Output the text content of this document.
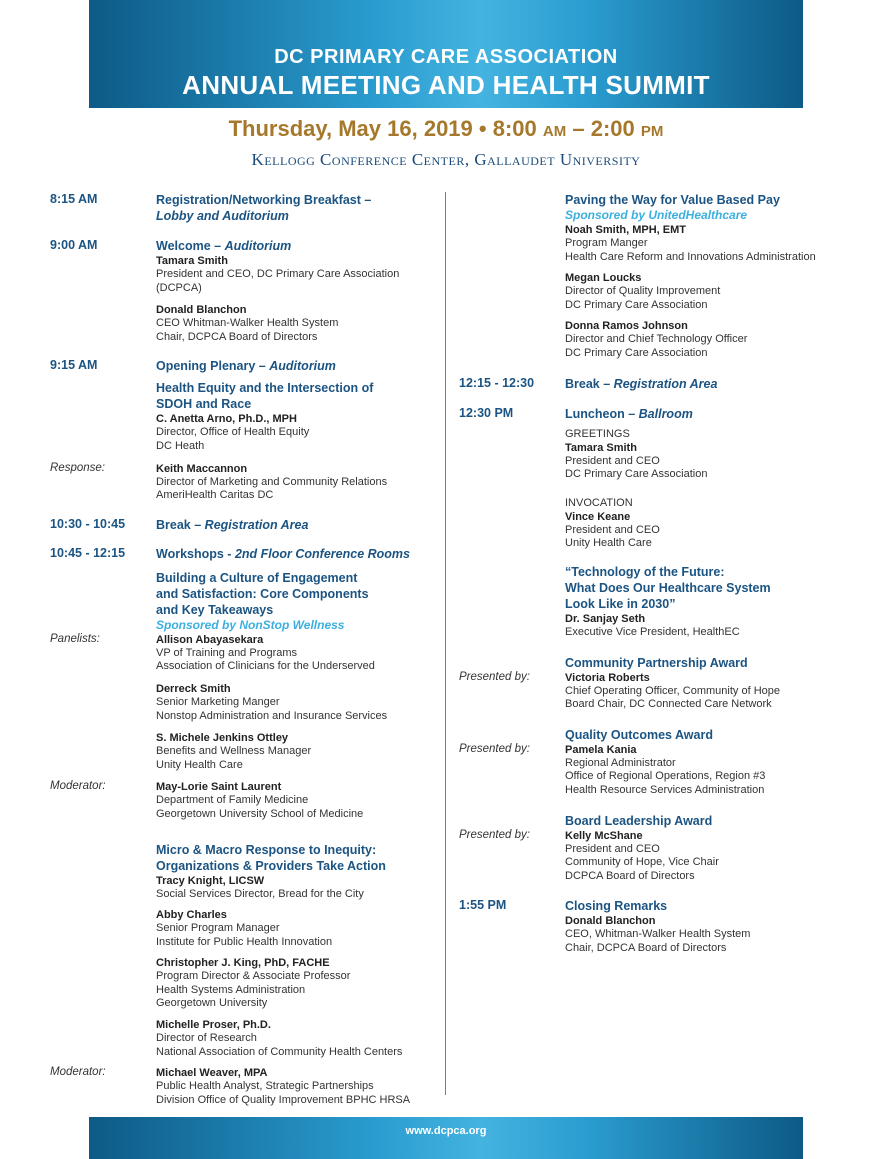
DC PRIMARY CARE ASSOCIATION
ANNUAL MEETING AND HEALTH SUMMIT
Thursday, May 16, 2019 • 8:00 AM – 2:00 PM
Kellogg Conference Center, Gallaudet University
8:15 AM	Registration/Networking Breakfast –
Lobby and Auditorium
9:00 AM	Welcome – Auditorium
Tamara Smith
President and CEO, DC Primary Care Association
(DCPCA)
Donald Blanchon
CEO Whitman-Walker Health System
Chair, DCPCA Board of Directors
9:15 AM	Opening Plenary – Auditorium
Health Equity and the Intersection of
SDOH and Race
C. Anetta Arno, Ph.D., MPH
Director, Office of Health Equity
DC Heath
Response:	Keith Maccannon
Director of Marketing and Community Relations
AmeriHealth Caritas DC
10:30 - 10:45	Break – Registration Area
10:45 - 12:15	Workshops - 2nd Floor Conference Rooms
Building a Culture of Engagement
and Satisfaction: Core Components
and Key Takeaways
Sponsored by NonStop Wellness
Panelists:	Allison Abayasekara
VP of Training and Programs
Association of Clinicians for the Underserved
Derreck Smith
Senior Marketing Manger
Nonstop Administration and Insurance Services
S. Michele Jenkins Ottley
Benefits and Wellness Manager
Unity Health Care
Moderator:	May-Lorie Saint Laurent
Department of Family Medicine
Georgetown University School of Medicine
Micro & Macro Response to Inequity:
Organizations & Providers Take Action
Tracy Knight, LICSW
Social Services Director, Bread for the City
Abby Charles
Senior Program Manager
Institute for Public Health Innovation
Christopher J. King, PhD, FACHE
Program Director & Associate Professor
Health Systems Administration
Georgetown University
Michelle Proser, Ph.D.
Director of Research
National Association of Community Health Centers
Moderator:	Michael Weaver, MPA
Public Health Analyst, Strategic Partnerships
Division Office of Quality Improvement BPHC HRSA
Paving the Way for Value Based Pay
Sponsored by UnitedHealthcare
Noah Smith, MPH, EMT
Program Manger
Health Care Reform and Innovations Administration
Megan Loucks
Director of Quality Improvement
DC Primary Care Association
Donna Ramos Johnson
Director and Chief Technology Officer
DC Primary Care Association
12:15 - 12:30	Break – Registration Area
12:30 PM	Luncheon – Ballroom
GREETINGS
Tamara Smith
President and CEO
DC Primary Care Association
INVOCATION
Vince Keane
President and CEO
Unity Health Care
“Technology of the Future:
What Does Our Healthcare System
Look Like in 2030”
Dr. Sanjay Seth
Executive Vice President, HealthEC
Community Partnership Award
Presented by:	Victoria Roberts
Chief Operating Officer, Community of Hope
Board Chair, DC Connected Care Network
Quality Outcomes Award
Presented by:	Pamela Kania
Regional Administrator
Office of Regional Operations, Region #3
Health Resource Services Administration
Board Leadership Award
Presented by:	Kelly McShane
President and CEO
Community of Hope, Vice Chair
DCPCA Board of Directors
1:55 PM	Closing Remarks
Donald Blanchon
CEO, Whitman-Walker Health System
Chair, DCPCA Board of Directors
www.dcpca.org
